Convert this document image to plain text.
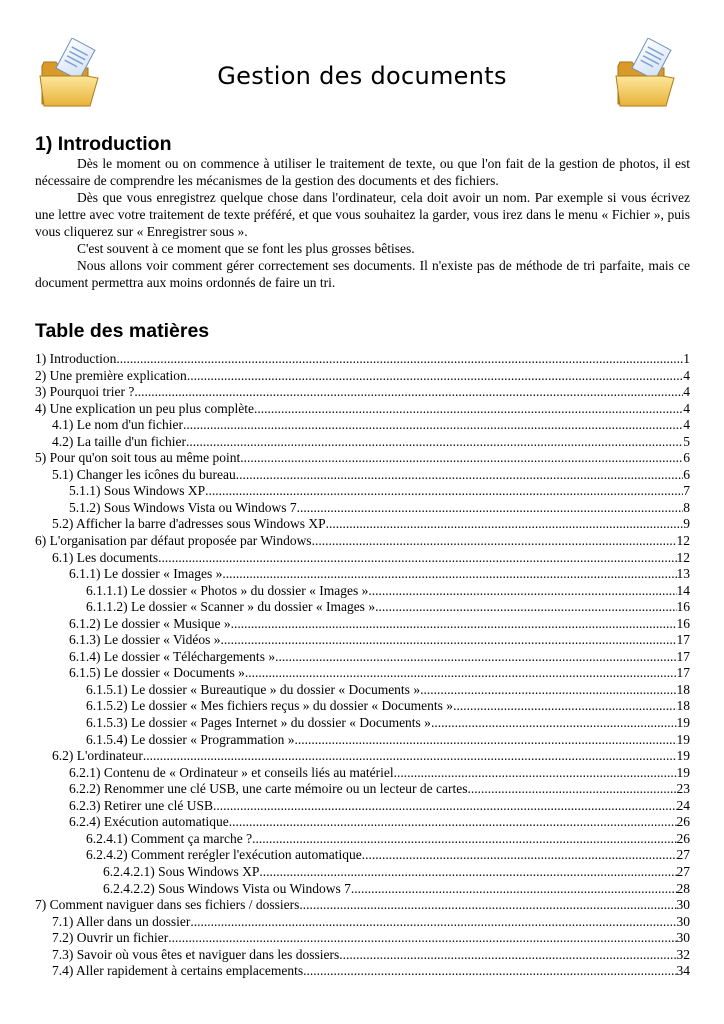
Gestion des documents
1) Introduction

Dès le moment ou on commence à utiliser le traitement de texte, ou que l'on fait de la gestion de photos, il est nécessaire de comprendre les mécanismes de la gestion des documents et des fichiers.

Dès que vous enregistrez quelque chose dans l'ordinateur, cela doit avoir un nom. Par exemple si vous écrivez une lettre avec votre traitement de texte préféré, et que vous souhaitez la garder, vous irez dans le menu « Fichier », puis vous cliquerez sur « Enregistrer sous ».

C'est souvent à ce moment que se font les plus grosses bêtises.

Nous allons voir comment gérer correctement ses documents. Il n'existe pas de méthode de tri parfaite, mais ce document permettra aux moins ordonnés de faire un tri.

Table des matières
1) Introduction .....	1
2) Une première explication .....	4
3) Pourquoi trier ? .....	4
4) Une explication un peu plus complète .....	4
4.1) Le nom d'un fichier .....	4
4.2) La taille d'un fichier .....	5
5) Pour qu'on soit tous au même point .....	6
5.1) Changer les icônes du bureau .....	6
5.1.1) Sous Windows XP .....	7
5.1.2) Sous Windows Vista ou Windows 7 .....	8
5.2) Afficher la barre d'adresses sous Windows XP .....	9
6) L'organisation par défaut proposée par Windows .....	12
6.1) Les documents .....	12
6.1.1) Le dossier « Images » .....	13
6.1.1.1) Le dossier « Photos » du dossier « Images » .....	14
6.1.1.2) Le dossier « Scanner » du dossier « Images » .....	16
6.1.2) Le dossier « Musique » .....	16
6.1.3) Le dossier « Vidéos » .....	17
6.1.4) Le dossier « Téléchargements » .....	17
6.1.5) Le dossier « Documents » .....	17
6.1.5.1) Le dossier « Bureautique » du dossier « Documents » .....	18
6.1.5.2) Le dossier « Mes fichiers reçus » du dossier « Documents » .....	18
6.1.5.3) Le dossier « Pages Internet » du dossier « Documents » .....	19
6.1.5.4) Le dossier « Programmation » .....	19
6.2) L'ordinateur .....	19
6.2.1) Contenu de « Ordinateur » et conseils liés au matériel .....	19
6.2.2) Renommer une clé USB, une carte mémoire ou un lecteur de cartes .....	23
6.2.3) Retirer une clé USB .....	24
6.2.4) Exécution automatique .....	26
6.2.4.1) Comment ça marche ? .....	26
6.2.4.2) Comment rerégler l'exécution automatique .....	27
6.2.4.2.1) Sous Windows XP .....	27
6.2.4.2.2) Sous Windows Vista ou Windows 7 .....	28
7) Comment naviguer dans ses fichiers / dossiers .....	30
7.1) Aller dans un dossier .....	30
7.2) Ouvrir un fichier .....	30
7.3) Savoir où vous êtes et naviguer dans les dossiers .....	32
7.4) Aller rapidement à certains emplacements .....	34
